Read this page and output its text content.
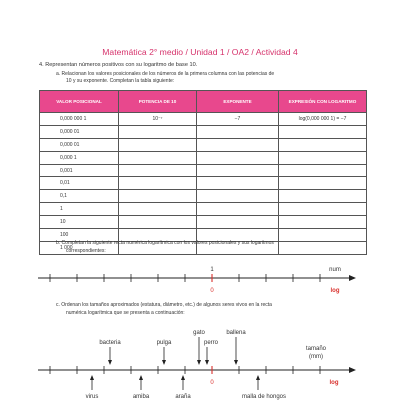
Matemática 2° medio / Unidad 1 / OA2 / Actividad 4
4. Representan números positivos con su logaritmo de base 10.
a. Relacionan los valores posicionales de los números de la primera columna con las potencias de
10 y su exponente. Completan la tabla siguiente:
VALOR POSICIONAL	POTENCIA DE 10	EXPONENTE	EXPRESIÓN CON LOGARITMO
0,000 000 1	10⁻⁷	−7	log(0,000 000 1) = −7
0,000 01			
0,000 01			
0,000 1			
0,001			
0,01			
0,1			
1			
10			
100			
1 000			
b. Completan la siguiente recta numérica logarítmica con los valores posicionales y sus logaritmos
correspondientes:
1	num
0	log
c. Ordenan los tamaños aproximados (estatura, diámetro, etc.) de algunos seres vivos en la recta
numérica logarítmica que se presenta a continuación:
bacteria	pulga
gato
perro
ballena
tamaño
(mm)
0	log
virus	amiba	araña	malla de hongos
